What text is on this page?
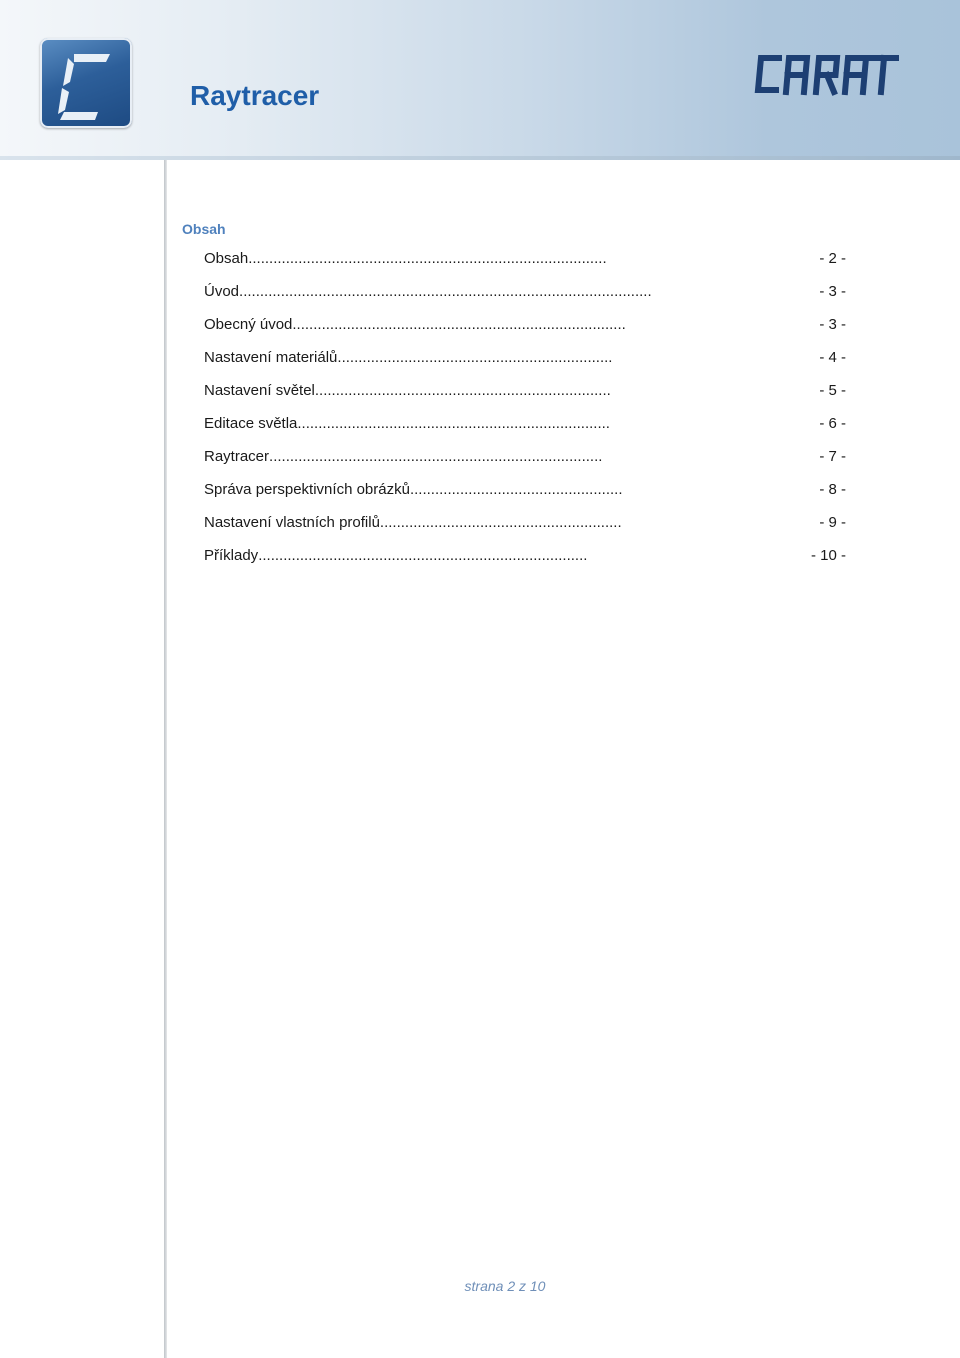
Raytracer
Obsah
Obsah ......................................................................................	- 2 -
Úvod ...................................................................................................	- 3 -
Obecný úvod ................................................................................	- 3 -
Nastavení materiálů ..................................................................	- 4 -
Nastavení světel .......................................................................	- 5 -
Editace světla ...........................................................................	- 6 -
Raytracer ................................................................................	- 7 -
Správa perspektivních obrázků. ..................................................	- 8 -
Nastavení vlastních profilů ..........................................................	- 9 -
Příklady ...............................................................................	- 10 -
strana 2 z 10
